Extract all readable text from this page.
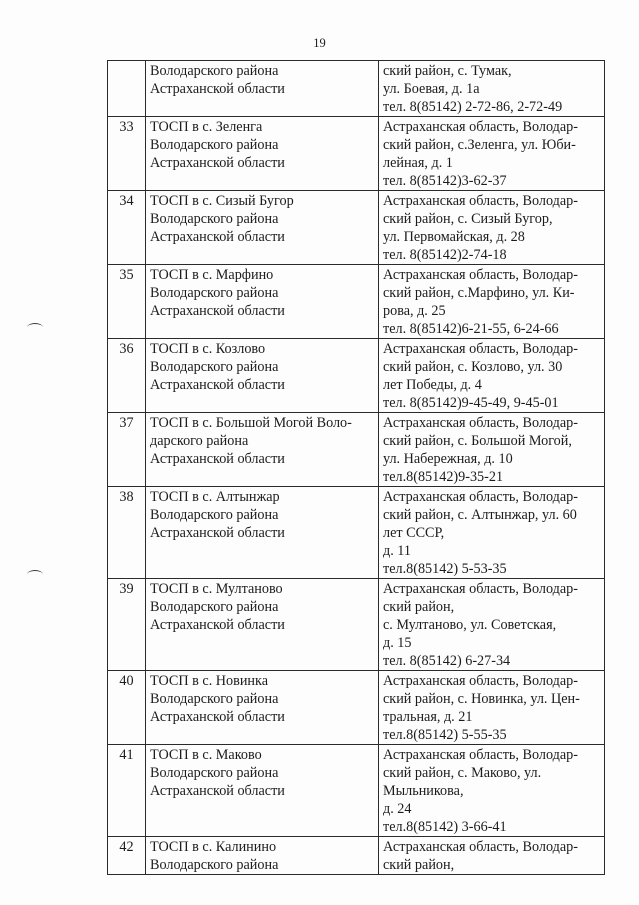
19
	Володарского района
Астраханской области	ский район, с. Тумак,
ул. Боевая, д. 1а
тел. 8(85142) 2-72-86, 2-72-49
33	ТОСП в с. Зеленга
Володарского района
Астраханской области	Астраханская область, Володар-
ский район, с.Зеленга, ул. Юби-
лейная, д. 1
тел. 8(85142)3-62-37
34	ТОСП в с. Сизый Бугор
Володарского района
Астраханской области	Астраханская область, Володар-
ский район, с. Сизый Бугор,
ул. Первомайская, д. 28
тел. 8(85142)2-74-18
35	ТОСП в с. Марфино
Володарского района
Астраханской области	Астраханская область, Володар-
ский район, с.Марфино, ул. Ки-
рова, д. 25
тел. 8(85142)6-21-55, 6-24-66
36	ТОСП в с. Козлово
Володарского района
Астраханской области	Астраханская область, Володар-
ский район, с. Козлово, ул. 30
лет Победы, д. 4
тел. 8(85142)9-45-49, 9-45-01
37	ТОСП в с. Большой Могой Воло-
дарского района
Астраханской области	Астраханская область, Володар-
ский район, с. Большой Могой,
ул. Набережная, д. 10
тел.8(85142)9-35-21
38	ТОСП в с. Алтынжар
Володарского района
Астраханской области	Астраханская область, Володар-
ский район, с. Алтынжар, ул. 60
лет СССР,
д. 11
тел.8(85142) 5-53-35
39	ТОСП в с. Мултаново
Володарского района
Астраханской области	Астраханская область, Володар-
ский район,
с. Мултаново, ул. Советская,
д. 15
тел. 8(85142) 6-27-34
40	ТОСП в с. Новинка
Володарского района
Астраханской области	Астраханская область, Володар-
ский район, с. Новинка, ул. Цен-
тральная, д. 21
тел.8(85142) 5-55-35
41	ТОСП в с. Маково
Володарского района
Астраханской области	Астраханская область, Володар-
ский район, с. Маково, ул.
Мыльникова,
д. 24
тел.8(85142) 3-66-41
42	ТОСП в с. Калинино
Володарского района	Астраханская область, Володар-
ский район,
